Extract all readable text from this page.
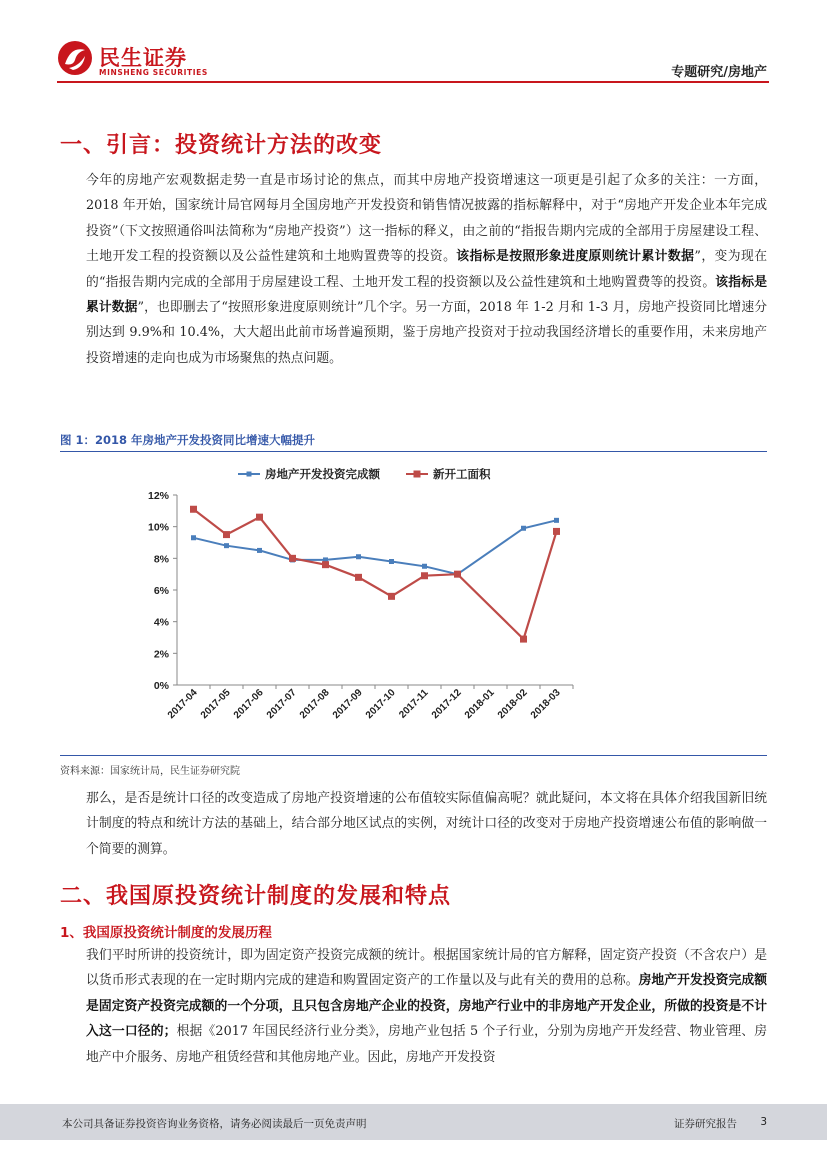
民生证券
MINSHENG SECURITIES	专题研究/房地产
一、引言：投资统计方法的改变
今年的房地产宏观数据走势一直是市场讨论的焦点，而其中房地产投资增速这一项更是引起了众多的关注：一方面，2018 年开始，国家统计局官网每月全国房地产开发投资和销售情况披露的指标解释中，对于“房地产开发企业本年完成投资”（下文按照通俗叫法简称为“房地产投资”）这一指标的释义，由之前的“指报告期内完成的全部用于房屋建设工程、土地开发工程的投资额以及公益性建筑和土地购置费等的投资。该指标是按照形象进度原则统计累计数据”，变为现在的“指报告期内完成的全部用于房屋建设工程、土地开发工程的投资额以及公益性建筑和土地购置费等的投资。该指标是累计数据”，也即删去了“按照形象进度原则统计”几个字。另一方面，2018 年 1-2 月和 1-3 月，房地产投资同比增速分别达到 9.9%和 10.4%，大大超出此前市场普遍预期，鉴于房地产投资对于拉动我国经济增长的重要作用，未来房地产投资增速的走向也成为市场聚焦的热点问题。
图 1：2018 年房地产开发投资同比增速大幅提升
房地产开发投资完成额	新开工面积
0%
2%
4%
6%
8%
10%
12%
2017-04 2017-05 2017-06 2017-07 2017-08 2017-09 2017-10 2017-11 2017-12 2018-01 2018-02 2018-03
资料来源：国家统计局，民生证券研究院
那么，是否是统计口径的改变造成了房地产投资增速的公布值较实际值偏高呢？就此疑问，本文将在具体介绍我国新旧统计制度的特点和统计方法的基础上，结合部分地区试点的实例，对统计口径的改变对于房地产投资增速公布值的影响做一个简要的测算。
二、我国原投资统计制度的发展和特点
1、我国原投资统计制度的发展历程
我们平时所讲的投资统计，即为固定资产投资完成额的统计。根据国家统计局的官方解释，固定资产投资（不含农户）是以货币形式表现的在一定时期内完成的建造和购置固定资产的工作量以及与此有关的费用的总称。房地产开发投资完成额是固定资产投资完成额的一个分项，且只包含房地产企业的投资，房地产行业中的非房地产开发企业，所做的投资是不计入这一口径的；根据《2017 年国民经济行业分类》，房地产业包括 5 个子行业，分别为房地产开发经营、物业管理、房地产中介服务、房地产租赁经营和其他房地产业。因此，房地产开发投资
本公司具备证券投资咨询业务资格，请务必阅读最后一页免责声明	证券研究报告 3
